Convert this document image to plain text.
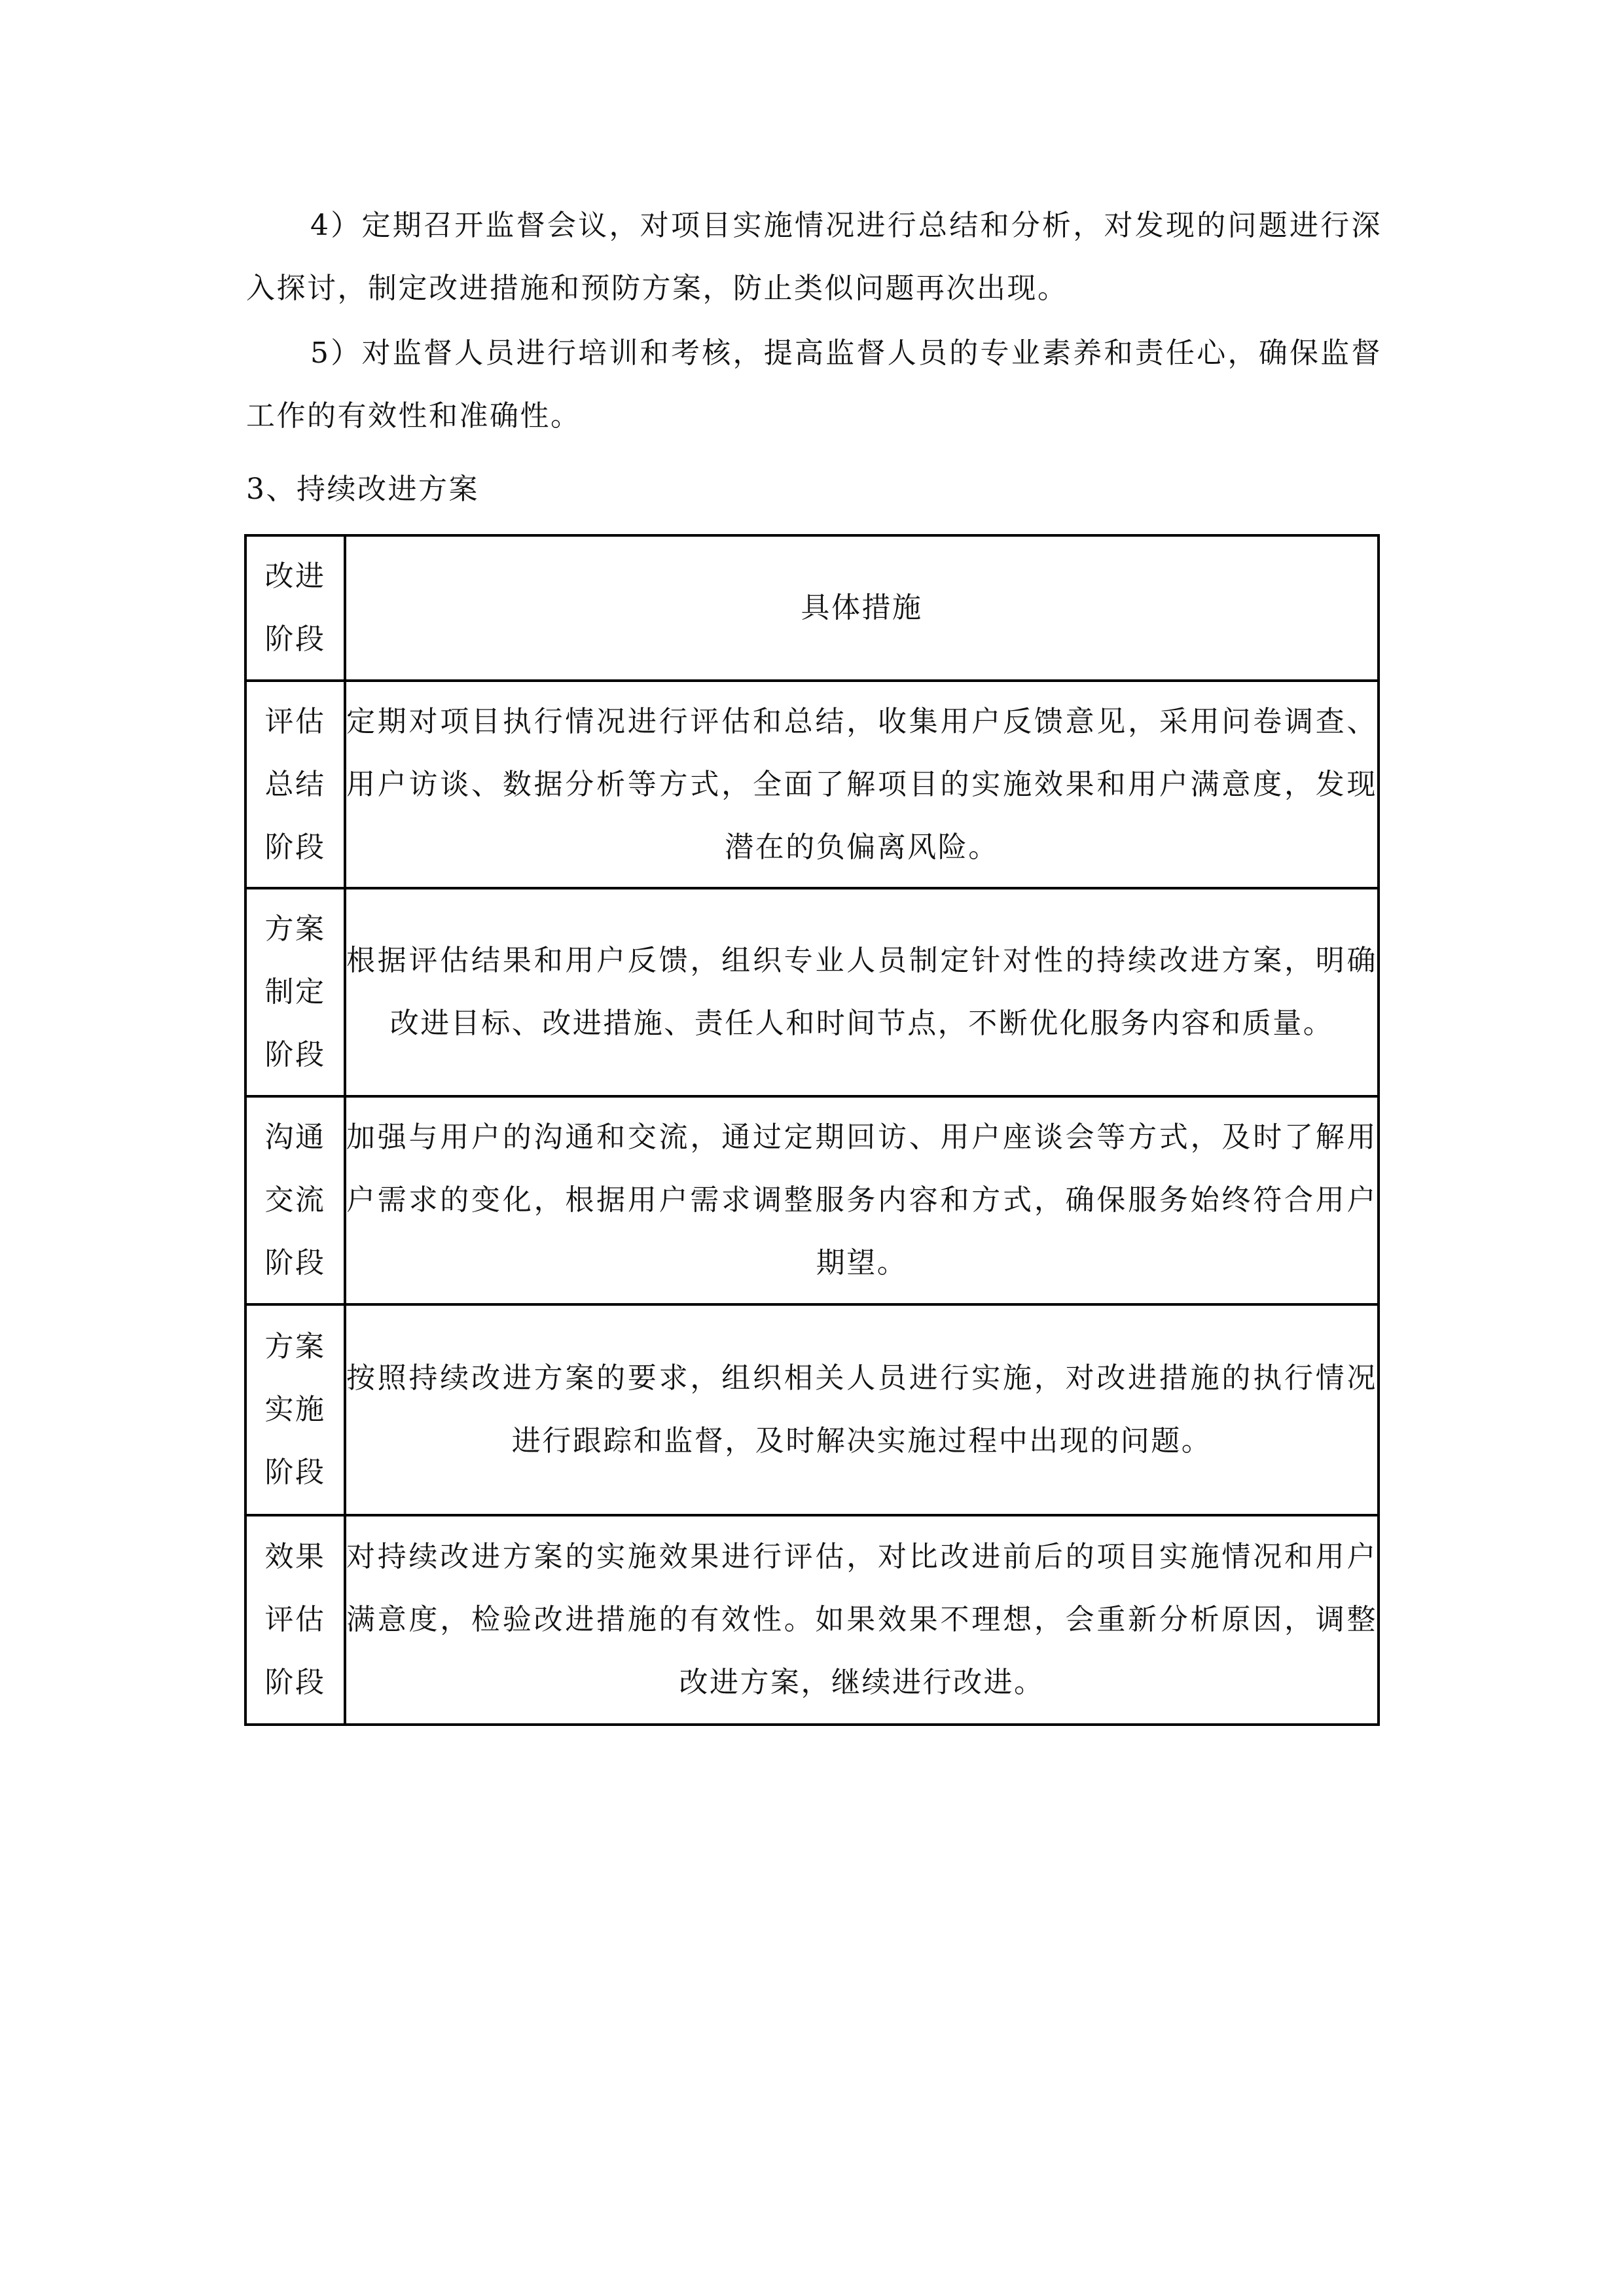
4）定期召开监督会议，对项目实施情况进行总结和分析，对发现的问题进行深入探讨，制定改进措施和预防方案，防止类似问题再次出现。

5）对监督人员进行培训和考核，提高监督人员的专业素养和责任心，确保监督工作的有效性和准确性。

3、持续改进方案
改进
阶段	具体措施

评估
总结
阶段	定期对项目执行情况进行评估和总结，收集用户反馈意见，采用问卷调查、用户访谈、数据分析等方式，全面了解项目的实施效果和用户满意度，发现潜在的负偏离风险。

方案
制定
阶段	根据评估结果和用户反馈，组织专业人员制定针对性的持续改进方案，明确改进目标、改进措施、责任人和时间节点，不断优化服务内容和质量。

沟通
交流
阶段	加强与用户的沟通和交流，通过定期回访、用户座谈会等方式，及时了解用户需求的变化，根据用户需求调整服务内容和方式，确保服务始终符合用户期望。

方案
实施
阶段	按照持续改进方案的要求，组织相关人员进行实施，对改进措施的执行情况进行跟踪和监督，及时解决实施过程中出现的问题。

效果
评估
阶段	对持续改进方案的实施效果进行评估，对比改进前后的项目实施情况和用户满意度，检验改进措施的有效性。如果效果不理想，会重新分析原因，调整改进方案，继续进行改进。
